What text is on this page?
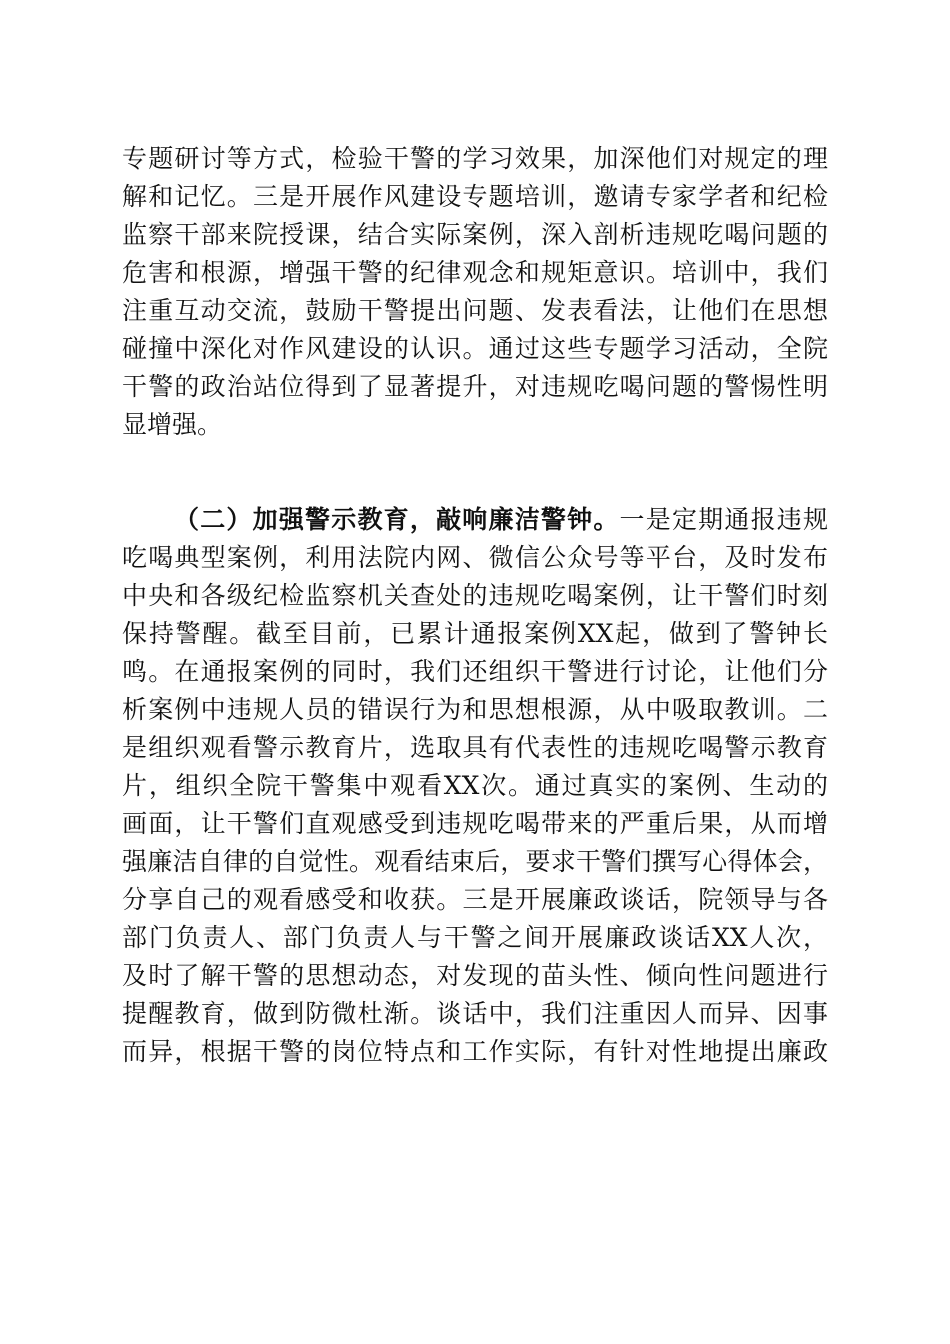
专题研讨等方式，检验干警的学习效果，加深他们对规定的理
解和记忆。三是开展作风建设专题培训，邀请专家学者和纪检
监察干部来院授课，结合实际案例，深入剖析违规吃喝问题的
危害和根源，增强干警的纪律观念和规矩意识。培训中，我们
注重互动交流，鼓励干警提出问题、发表看法，让他们在思想
碰撞中深化对作风建设的认识。通过这些专题学习活动，全院
干警的政治站位得到了显著提升，对违规吃喝问题的警惕性明
显增强。
（二）加强警示教育，敲响廉洁警钟。一是定期通报违规
吃喝典型案例，利用法院内网、微信公众号等平台，及时发布
中央和各级纪检监察机关查处的违规吃喝案例，让干警们时刻
保持警醒。截至目前，已累计通报案例XX起，做到了警钟长
鸣。在通报案例的同时，我们还组织干警进行讨论，让他们分
析案例中违规人员的错误行为和思想根源，从中吸取教训。二
是组织观看警示教育片，选取具有代表性的违规吃喝警示教育
片，组织全院干警集中观看XX次。通过真实的案例、生动的
画面，让干警们直观感受到违规吃喝带来的严重后果，从而增
强廉洁自律的自觉性。观看结束后，要求干警们撰写心得体会，
分享自己的观看感受和收获。三是开展廉政谈话，院领导与各
部门负责人、部门负责人与干警之间开展廉政谈话XX人次，
及时了解干警的思想动态，对发现的苗头性、倾向性问题进行
提醒教育，做到防微杜渐。谈话中，我们注重因人而异、因事
而异，根据干警的岗位特点和工作实际，有针对性地提出廉政
